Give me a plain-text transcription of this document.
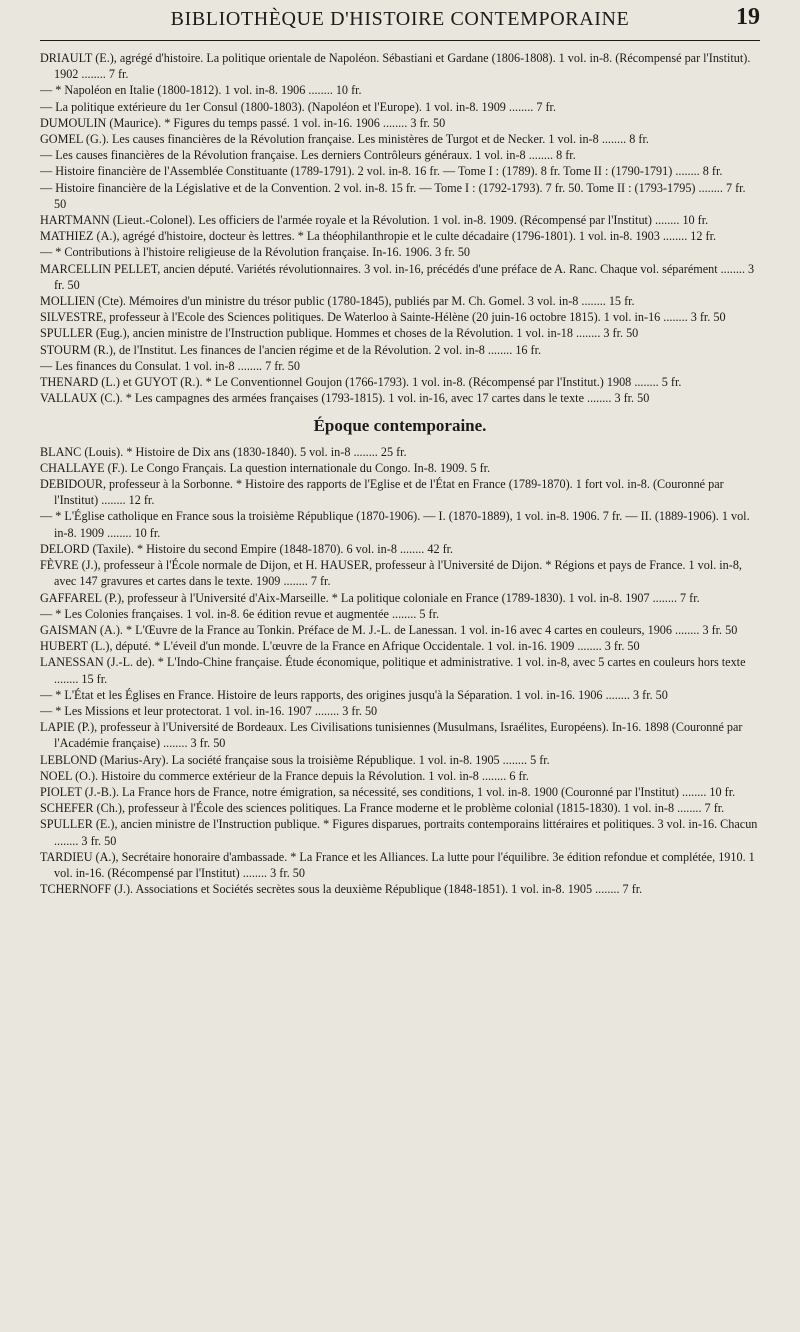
BIBLIOTHÈQUE D'HISTOIRE CONTEMPORAINE	19

DRIAULT (E.), agrégé d'histoire. La politique orientale de Napoléon. Sébastiani et Gardane (1806-1808). 1 vol. in-8. (Récompensé par l'Institut). 1902 ........ 7 fr.

— * Napoléon en Italie (1800-1812). 1 vol. in-8. 1906 ........ 10 fr.

— La politique extérieure du 1er Consul (1800-1803). (Napoléon et l'Europe). 1 vol. in-8. 1909 ........ 7 fr.

DUMOULIN (Maurice). * Figures du temps passé. 1 vol. in-16. 1906 ........ 3 fr. 50

GOMEL (G.). Les causes financières de la Révolution française. Les ministères de Turgot et de Necker. 1 vol. in-8 ........ 8 fr.

— Les causes financières de la Révolution française. Les derniers Contrôleurs généraux. 1 vol. in-8 ........ 8 fr.

— Histoire financière de l'Assemblée Constituante (1789-1791). 2 vol. in-8. 16 fr. — Tome I : (1789). 8 fr. Tome II : (1790-1791) ........ 8 fr.

— Histoire financière de la Législative et de la Convention. 2 vol. in-8. 15 fr. — Tome I : (1792-1793). 7 fr. 50. Tome II : (1793-1795) ........ 7 fr. 50

HARTMANN (Lieut.-Colonel). Les officiers de l'armée royale et la Révolution. 1 vol. in-8. 1909. (Récompensé par l'Institut) ........ 10 fr.

MATHIEZ (A.), agrégé d'histoire, docteur ès lettres. * La théophilanthropie et le culte décadaire (1796-1801). 1 vol. in-8. 1903 ........ 12 fr.

— * Contributions à l'histoire religieuse de la Révolution française. In-16. 1906. 3 fr. 50

MARCELLIN PELLET, ancien député. Variétés révolutionnaires. 3 vol. in-16, précédés d'une préface de A. Ranc. Chaque vol. séparément ........ 3 fr. 50

MOLLIEN (Cte). Mémoires d'un ministre du trésor public (1780-1845), publiés par M. Ch. Gomel. 3 vol. in-8 ........ 15 fr.

SILVESTRE, professeur à l'Ecole des Sciences politiques. De Waterloo à Sainte-Hélène (20 juin-16 octobre 1815). 1 vol. in-16 ........ 3 fr. 50

SPULLER (Eug.), ancien ministre de l'Instruction publique. Hommes et choses de la Révolution. 1 vol. in-18 ........ 3 fr. 50

STOURM (R.), de l'Institut. Les finances de l'ancien régime et de la Révolution. 2 vol. in-8 ........ 16 fr.

— Les finances du Consulat. 1 vol. in-8 ........ 7 fr. 50

THENARD (L.) et GUYOT (R.). * Le Conventionnel Goujon (1766-1793). 1 vol. in-8. (Récompensé par l'Institut.) 1908 ........ 5 fr.

VALLAUX (C.). * Les campagnes des armées françaises (1793-1815). 1 vol. in-16, avec 17 cartes dans le texte ........ 3 fr. 50

Époque contemporaine.

BLANC (Louis). * Histoire de Dix ans (1830-1840). 5 vol. in-8 ........ 25 fr.

CHALLAYE (F.). Le Congo Français. La question internationale du Congo. In-8. 1909. 5 fr.

DEBIDOUR, professeur à la Sorbonne. * Histoire des rapports de l'Eglise et de l'État en France (1789-1870). 1 fort vol. in-8. (Couronné par l'Institut) ........ 12 fr.

— * L'Église catholique en France sous la troisième République (1870-1906). — I. (1870-1889), 1 vol. in-8. 1906. 7 fr. — II. (1889-1906). 1 vol. in-8. 1909 ........ 10 fr.

DELORD (Taxile). * Histoire du second Empire (1848-1870). 6 vol. in-8 ........ 42 fr.

FÈVRE (J.), professeur à l'École normale de Dijon, et H. HAUSER, professeur à l'Université de Dijon. * Régions et pays de France. 1 vol. in-8, avec 147 gravures et cartes dans le texte. 1909 ........ 7 fr.

GAFFAREL (P.), professeur à l'Université d'Aix-Marseille. * La politique coloniale en France (1789-1830). 1 vol. in-8. 1907 ........ 7 fr.

— * Les Colonies françaises. 1 vol. in-8. 6e édition revue et augmentée ........ 5 fr.

GAISMAN (A.). * L'Œuvre de la France au Tonkin. Préface de M. J.-L. de Lanessan. 1 vol. in-16 avec 4 cartes en couleurs, 1906 ........ 3 fr. 50

HUBERT (L.), député. * L'éveil d'un monde. L'œuvre de la France en Afrique Occidentale. 1 vol. in-16. 1909 ........ 3 fr. 50

LANESSAN (J.-L. de). * L'Indo-Chine française. Étude économique, politique et administrative. 1 vol. in-8, avec 5 cartes en couleurs hors texte ........ 15 fr.

— * L'État et les Églises en France. Histoire de leurs rapports, des origines jusqu'à la Séparation. 1 vol. in-16. 1906 ........ 3 fr. 50

— * Les Missions et leur protectorat. 1 vol. in-16. 1907 ........ 3 fr. 50

LAPIE (P.), professeur à l'Université de Bordeaux. Les Civilisations tunisiennes (Musulmans, Israélites, Européens). In-16. 1898 (Couronné par l'Académie française) ........ 3 fr. 50

LEBLOND (Marius-Ary). La société française sous la troisième République. 1 vol. in-8. 1905 ........ 5 fr.

NOEL (O.). Histoire du commerce extérieur de la France depuis la Révolution. 1 vol. in-8 ........ 6 fr.

PIOLET (J.-B.). La France hors de France, notre émigration, sa nécessité, ses conditions, 1 vol. in-8. 1900 (Couronné par l'Institut) ........ 10 fr.

SCHEFER (Ch.), professeur à l'École des sciences politiques. La France moderne et le problème colonial (1815-1830). 1 vol. in-8 ........ 7 fr.

SPULLER (E.), ancien ministre de l'Instruction publique. * Figures disparues, portraits contemporains littéraires et politiques. 3 vol. in-16. Chacun ........ 3 fr. 50

TARDIEU (A.), Secrétaire honoraire d'ambassade. * La France et les Alliances. La lutte pour l'équilibre. 3e édition refondue et complétée, 1910. 1 vol. in-16. (Récompensé par l'Institut) ........ 3 fr. 50

TCHERNOFF (J.). Associations et Sociétés secrètes sous la deuxième République (1848-1851). 1 vol. in-8. 1905 ........ 7 fr.
